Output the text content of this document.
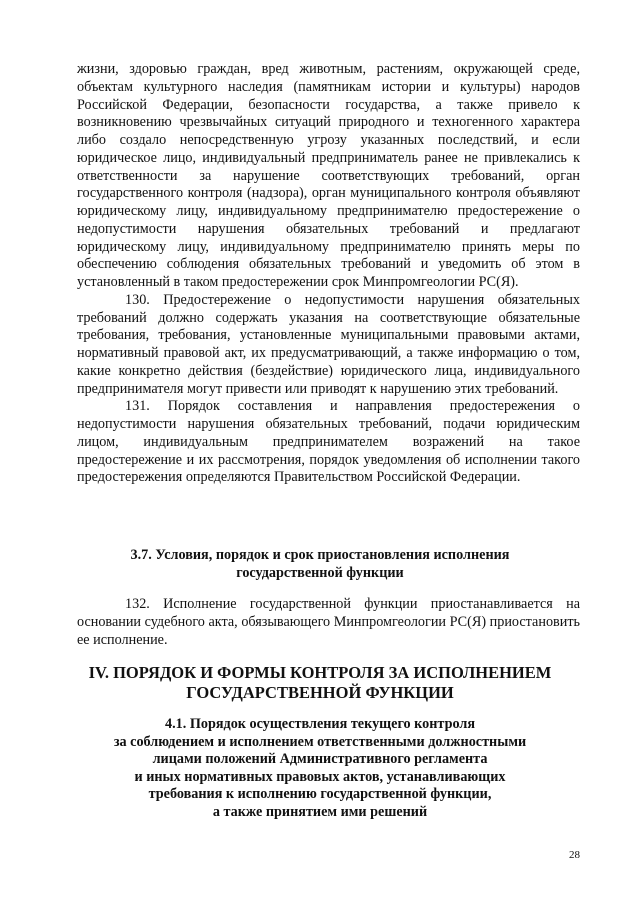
жизни, здоровью граждан, вред животным, растениям, окружающей среде, объектам культурного наследия (памятникам истории и культуры) народов Российской Федерации, безопасности государства, а также привело к возникновению чрезвычайных ситуаций природного и техногенного характера либо создало непосредственную угрозу указанных последствий, и если юридическое лицо, индивидуальный предприниматель ранее не привлекались к ответственности за нарушение соответствующих требований, орган государственного контроля (надзора), орган муниципального контроля объявляют юридическому лицу, индивидуальному предпринимателю предостережение о недопустимости нарушения обязательных требований и предлагают юридическому лицу, индивидуальному предпринимателю принять меры по обеспечению соблюдения обязательных требований и уведомить об этом в установленный в таком предостережении срок Минпромгеологии РС(Я).

130. Предостережение о недопустимости нарушения обязательных требований должно содержать указания на соответствующие обязательные требования, требования, установленные муниципальными правовыми актами, нормативный правовой акт, их предусматривающий, а также информацию о том, какие конкретно действия (бездействие) юридического лица, индивидуального предпринимателя могут привести или приводят к нарушению этих требований.

131. Порядок составления и направления предостережения о недопустимости нарушения обязательных требований, подачи юридическим лицом, индивидуальным предпринимателем возражений на такое предостережение и их рассмотрения, порядок уведомления об исполнении такого предостережения определяются Правительством Российской Федерации.

3.7. Условия, порядок и срок приостановления исполнения
государственной функции

132. Исполнение государственной функции приостанавливается на основании судебного акта, обязывающего Минпромгеологии РС(Я) приостановить ее исполнение.

IV. ПОРЯДОК И ФОРМЫ КОНТРОЛЯ ЗА ИСПОЛНЕНИЕМ
ГОСУДАРСТВЕННОЙ ФУНКЦИИ
4.1. Порядок осуществления текущего контроля
за соблюдением и исполнением ответственными должностными
лицами положений Административного регламента
и иных нормативных правовых актов, устанавливающих
требования к исполнению государственной функции,
а также принятием ими решений
28
